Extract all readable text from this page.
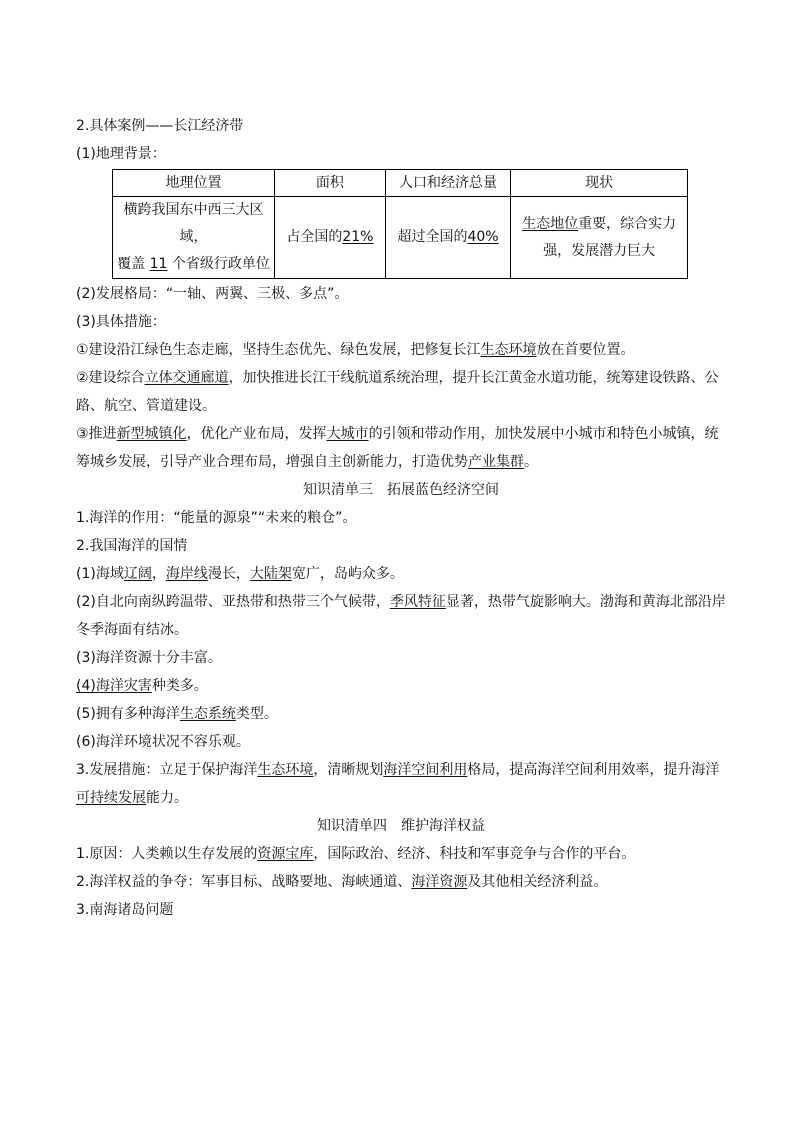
2.具体案例——长江经济带
(1)地理背景：
地理位置	面积	人口和经济总量	现状
横跨我国东中西三大区域，
覆盖 11 个省级行政单位	占全国的21%	超过全国的40%	生态地位重要，综合实力
强，发展潜力巨大
(2)发展格局：“一轴、两翼、三极、多点”。
(3)具体措施：
①建设沿江绿色生态走廊，坚持生态优先、绿色发展，把修复长江生态环境放在首要位置。
②建设综合立体交通廊道，加快推进长江干线航道系统治理，提升长江黄金水道功能，统筹建设铁路、公路、航空、管道建设。
③推进新型城镇化，优化产业布局，发挥大城市的引领和带动作用，加快发展中小城市和特色小城镇，统筹城乡发展，引导产业合理布局，增强自主创新能力，打造优势产业集群。
知识清单三　拓展蓝色经济空间
1.海洋的作用：“能量的源泉”“未来的粮仓”。
2.我国海洋的国情
(1)海域辽阔，海岸线漫长，大陆架宽广，岛屿众多。
(2)自北向南纵跨温带、亚热带和热带三个气候带，季风特征显著，热带气旋影响大。渤海和黄海北部沿岸冬季海面有结冰。
(3)海洋资源十分丰富。
(4)海洋灾害种类多。
(5)拥有多种海洋生态系统类型。
(6)海洋环境状况不容乐观。
3.发展措施：立足于保护海洋生态环境，清晰规划海洋空间利用格局，提高海洋空间利用效率，提升海洋可持续发展能力。
知识清单四　维护海洋权益
1.原因：人类赖以生存发展的资源宝库，国际政治、经济、科技和军事竞争与合作的平台。
2.海洋权益的争夺：军事目标、战略要地、海峡通道、海洋资源及其他相关经济利益。
3.南海诸岛问题
